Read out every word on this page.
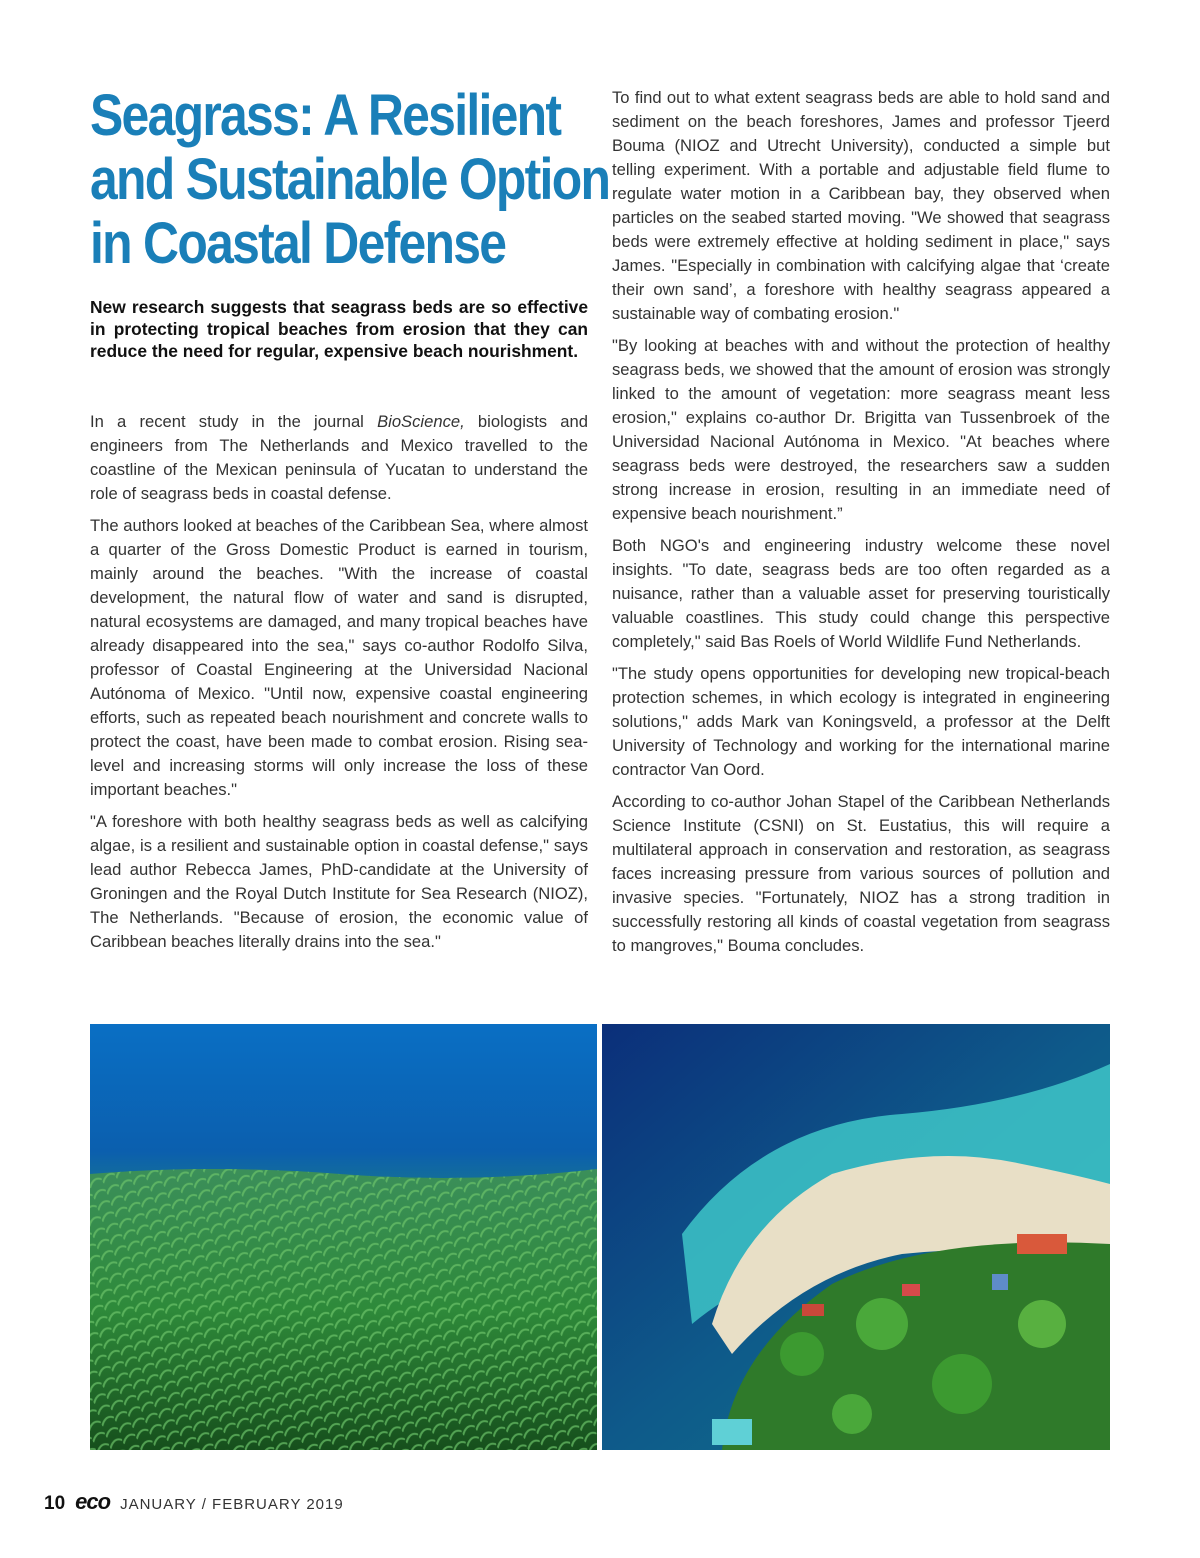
Seagrass: A Resilient
and Sustainable Option
in Coastal Defense

New research suggests that seagrass beds are so effective in protecting tropical beaches from erosion that they can reduce the need for regular, expensive beach nourishment.

In a recent study in the journal BioScience, biologists and engineers from The Netherlands and Mexico travelled to the coastline of the Mexican peninsula of Yucatan to understand the role of seagrass beds in coastal defense.

The authors looked at beaches of the Caribbean Sea, where almost a quarter of the Gross Domestic Product is earned in tourism, mainly around the beaches. "With the increase of coastal development, the natural flow of water and sand is disrupted, natural ecosystems are damaged, and many tropical beaches have already disappeared into the sea," says co-author Rodolfo Silva, professor of Coastal Engineering at the Universidad Nacional Autónoma of Mexico. "Until now, expensive coastal engineering efforts, such as repeated beach nourishment and concrete walls to protect the coast, have been made to combat erosion. Rising sea-level and increasing storms will only increase the loss of these important beaches."

"A foreshore with both healthy seagrass beds as well as calcifying algae, is a resilient and sustainable option in coastal defense," says lead author Rebecca James, PhD-candidate at the University of Groningen and the Royal Dutch Institute for Sea Research (NIOZ), The Netherlands. "Because of erosion, the economic value of Caribbean beaches literally drains into the sea."

To find out to what extent seagrass beds are able to hold sand and sediment on the beach foreshores, James and professor Tjeerd Bouma (NIOZ and Utrecht University), conducted a simple but telling experiment. With a portable and adjustable field flume to regulate water motion in a Caribbean bay, they observed when particles on the seabed started moving. "We showed that seagrass beds were extremely effective at holding sediment in place," says James. "Especially in combination with calcifying algae that ‘create their own sand’, a foreshore with healthy seagrass appeared a sustainable way of combating erosion."

"By looking at beaches with and without the protection of healthy seagrass beds, we showed that the amount of erosion was strongly linked to the amount of vegetation: more seagrass meant less erosion," explains co-author Dr. Brigitta van Tussenbroek of the Universidad Nacional Autónoma in Mexico. "At beaches where seagrass beds were destroyed, the researchers saw a sudden strong increase in erosion, resulting in an immediate need of expensive beach nourishment.”

Both NGO's and engineering industry welcome these novel insights. "To date, seagrass beds are too often regarded as a nuisance, rather than a valuable asset for preserving touristically valuable coastlines. This study could change this perspective completely," said Bas Roels of World Wildlife Fund Netherlands.

"The study opens opportunities for developing new tropical-beach protection schemes, in which ecology is integrated in engineering solutions," adds Mark van Koningsveld, a professor at the Delft University of Technology and working for the international marine contractor Van Oord.

According to co-author Johan Stapel of the Caribbean Netherlands Science Institute (CSNI) on St. Eustatius, this will require a multilateral approach in conservation and restoration, as seagrass faces increasing pressure from various sources of pollution and invasive species. "Fortunately, NIOZ has a strong tradition in successfully restoring all kinds of coastal vegetation from seagrass to mangroves," Bouma concludes.

10 eco JANUARY / FEBRUARY 2019
